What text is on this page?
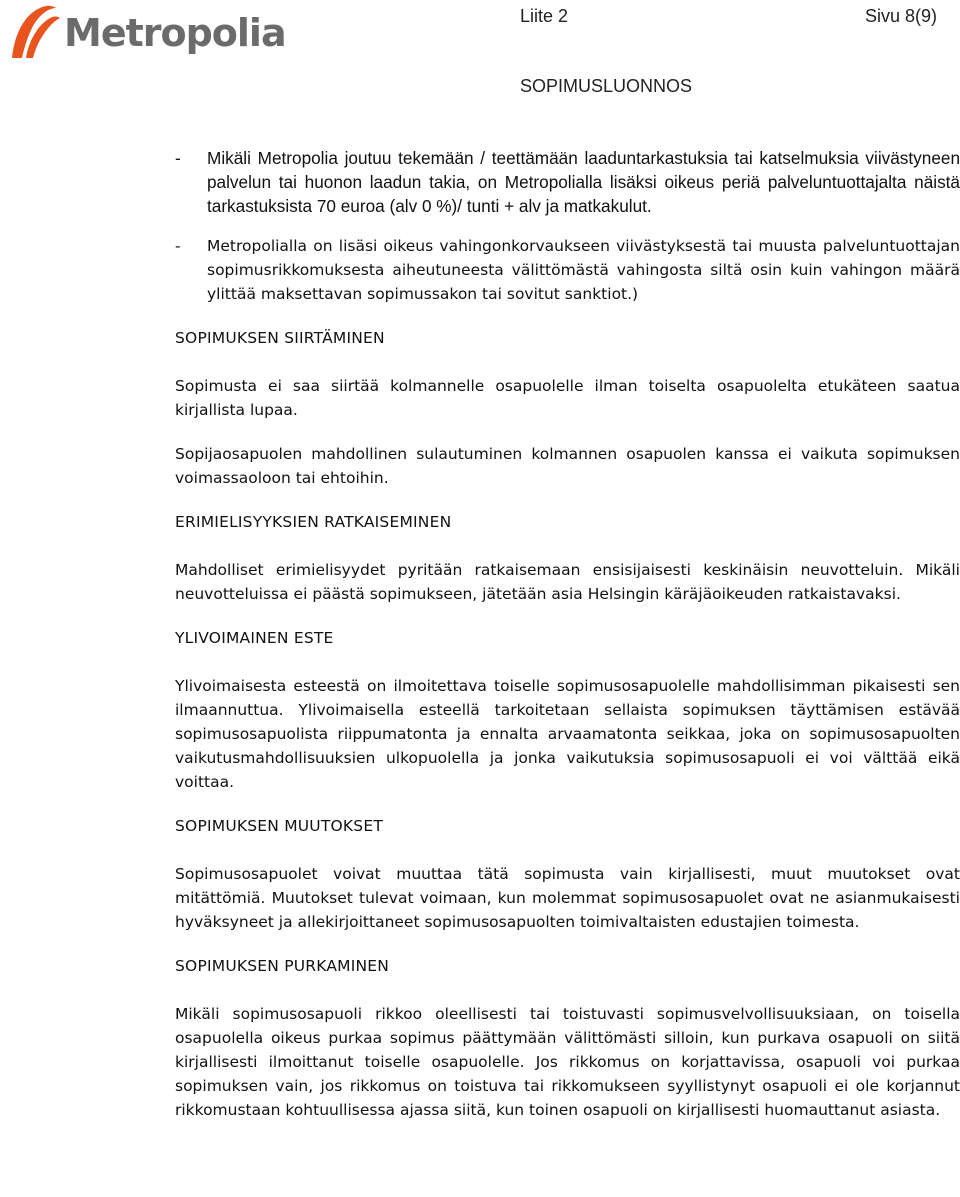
Metropolia	Liite 2	Sivu 8(9)
SOPIMUSLUONNOS
- Mikäli Metropolia joutuu tekemään / teettämään laaduntarkastuksia tai katselmuksia viivästyneen palvelun tai huonon laadun takia, on Metropolialla lisäksi oikeus periä palveluntuottajalta näistä tarkastuksista 70 euroa (alv 0 %)/ tunti + alv ja matkakulut.
- Metropolialla on lisäsi oikeus vahingonkorvaukseen viivästyksestä tai muusta palveluntuottajan sopimusrikkomuksesta aiheutuneesta välittömästä vahingosta siltä osin kuin vahingon määrä ylittää maksettavan sopimussakon tai sovitut sanktiot.)
SOPIMUKSEN SIIRTÄMINEN

Sopimusta ei saa siirtää kolmannelle osapuolelle ilman toiselta osapuolelta etukäteen saatua kirjallista lupaa.

Sopijaosapuolen mahdollinen sulautuminen kolmannen osapuolen kanssa ei vaikuta sopimuksen voimassaoloon tai ehtoihin.

ERIMIELISYYKSIEN RATKAISEMINEN

Mahdolliset erimielisyydet pyritään ratkaisemaan ensisijaisesti keskinäisin neuvotteluin. Mikäli neuvotteluissa ei päästä sopimukseen, jätetään asia Helsingin käräjäoikeuden ratkaistavaksi.

YLIVOIMAINEN ESTE

Ylivoimaisesta esteestä on ilmoitettava toiselle sopimusosapuolelle mahdollisimman pikaisesti sen ilmaannuttua. Ylivoimaisella esteellä tarkoitetaan sellaista sopimuksen täyttämisen estävää sopimusosapuolista riippumatonta ja ennalta arvaamatonta seikkaa, joka on sopimusosapuolten vaikutusmahdollisuuksien ulkopuolella ja jonka vaikutuksia sopimusosapuoli ei voi välttää eikä voittaa.

SOPIMUKSEN MUUTOKSET

Sopimusosapuolet voivat muuttaa tätä sopimusta vain kirjallisesti, muut muutokset ovat mitättömiä. Muutokset tulevat voimaan, kun molemmat sopimusosapuolet ovat ne asianmukaisesti hyväksyneet ja allekirjoittaneet sopimusosapuolten toimivaltaisten edustajien toimesta.

SOPIMUKSEN PURKAMINEN

Mikäli sopimusosapuoli rikkoo oleellisesti tai toistuvasti sopimusvelvollisuuksiaan, on toisella osapuolella oikeus purkaa sopimus päättymään välittömästi silloin, kun purkava osapuoli on siitä kirjallisesti ilmoittanut toiselle osapuolelle. Jos rikkomus on korjattavissa, osapuoli voi purkaa sopimuksen vain, jos rikkomus on toistuva tai rikkomukseen syyllistynyt osapuoli ei ole korjannut rikkomustaan kohtuullisessa ajassa siitä, kun toinen osapuoli on kirjallisesti huomauttanut asiasta.
